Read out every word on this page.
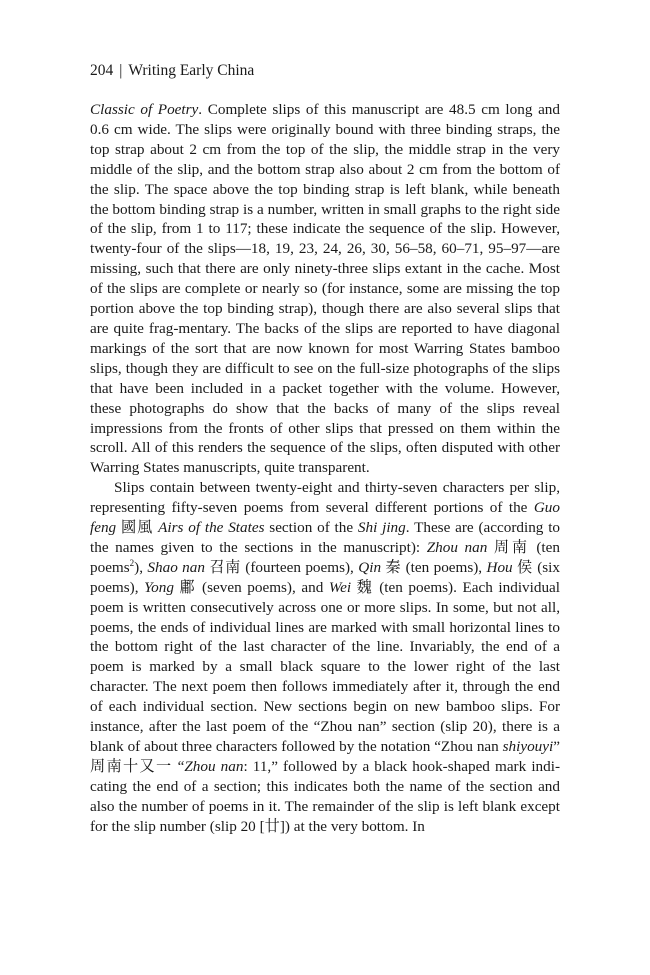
204 | Writing Early China

Classic of Poetry. Complete slips of this manuscript are 48.5 cm long and 0.6 cm wide. The slips were originally bound with three binding straps, the top strap about 2 cm from the top of the slip, the middle strap in the very middle of the slip, and the bottom strap also about 2 cm from the bottom of the slip. The space above the top binding strap is left blank, while beneath the bottom binding strap is a number, written in small graphs to the right side of the slip, from 1 to 117; these indicate the sequence of the slip. However, twenty-four of the slips—18, 19, 23, 24, 26, 30, 56–58, 60–71, 95–97—are missing, such that there are only ninety-three slips extant in the cache. Most of the slips are complete or nearly so (for instance, some are missing the top portion above the top binding strap), though there are also several slips that are quite frag-mentary. The backs of the slips are reported to have diagonal markings of the sort that are now known for most Warring States bamboo slips, though they are difficult to see on the full-size photographs of the slips that have been included in a packet together with the volume. However, these photographs do show that the backs of many of the slips reveal impressions from the fronts of other slips that pressed on them within the scroll. All of this renders the sequence of the slips, often disputed with other Warring States manuscripts, quite transparent.

Slips contain between twenty-eight and thirty-seven characters per slip, representing fifty-seven poems from several different portions of the Guo feng 國風 Airs of the States section of the Shi jing. These are (according to the names given to the sections in the manuscript): Zhou nan 周南 (ten poems$^2$), Shao nan 召南 (fourteen poems), Qin 秦 (ten poems), Hou 侯 (six poems), Yong 鄘 (seven poems), and Wei 魏 (ten poems). Each individual poem is written consecutively across one or more slips. In some, but not all, poems, the ends of individual lines are marked with small horizontal lines to the bottom right of the last character of the line. Invariably, the end of a poem is marked by a small black square to the lower right of the last character. The next poem then follows immediately after it, through the end of each individual section. New sections begin on new bamboo slips. For instance, after the last poem of the “Zhou nan” section (slip 20), there is a blank of about three characters followed by the notation “Zhou nan shiyouyi” 周南十又一 “Zhou nan: 11,” followed by a black hook-shaped mark indi-cating the end of a section; this indicates both the name of the section and also the number of poems in it. The remainder of the slip is left blank except for the slip number (slip 20 [廿]) at the very bottom. In
